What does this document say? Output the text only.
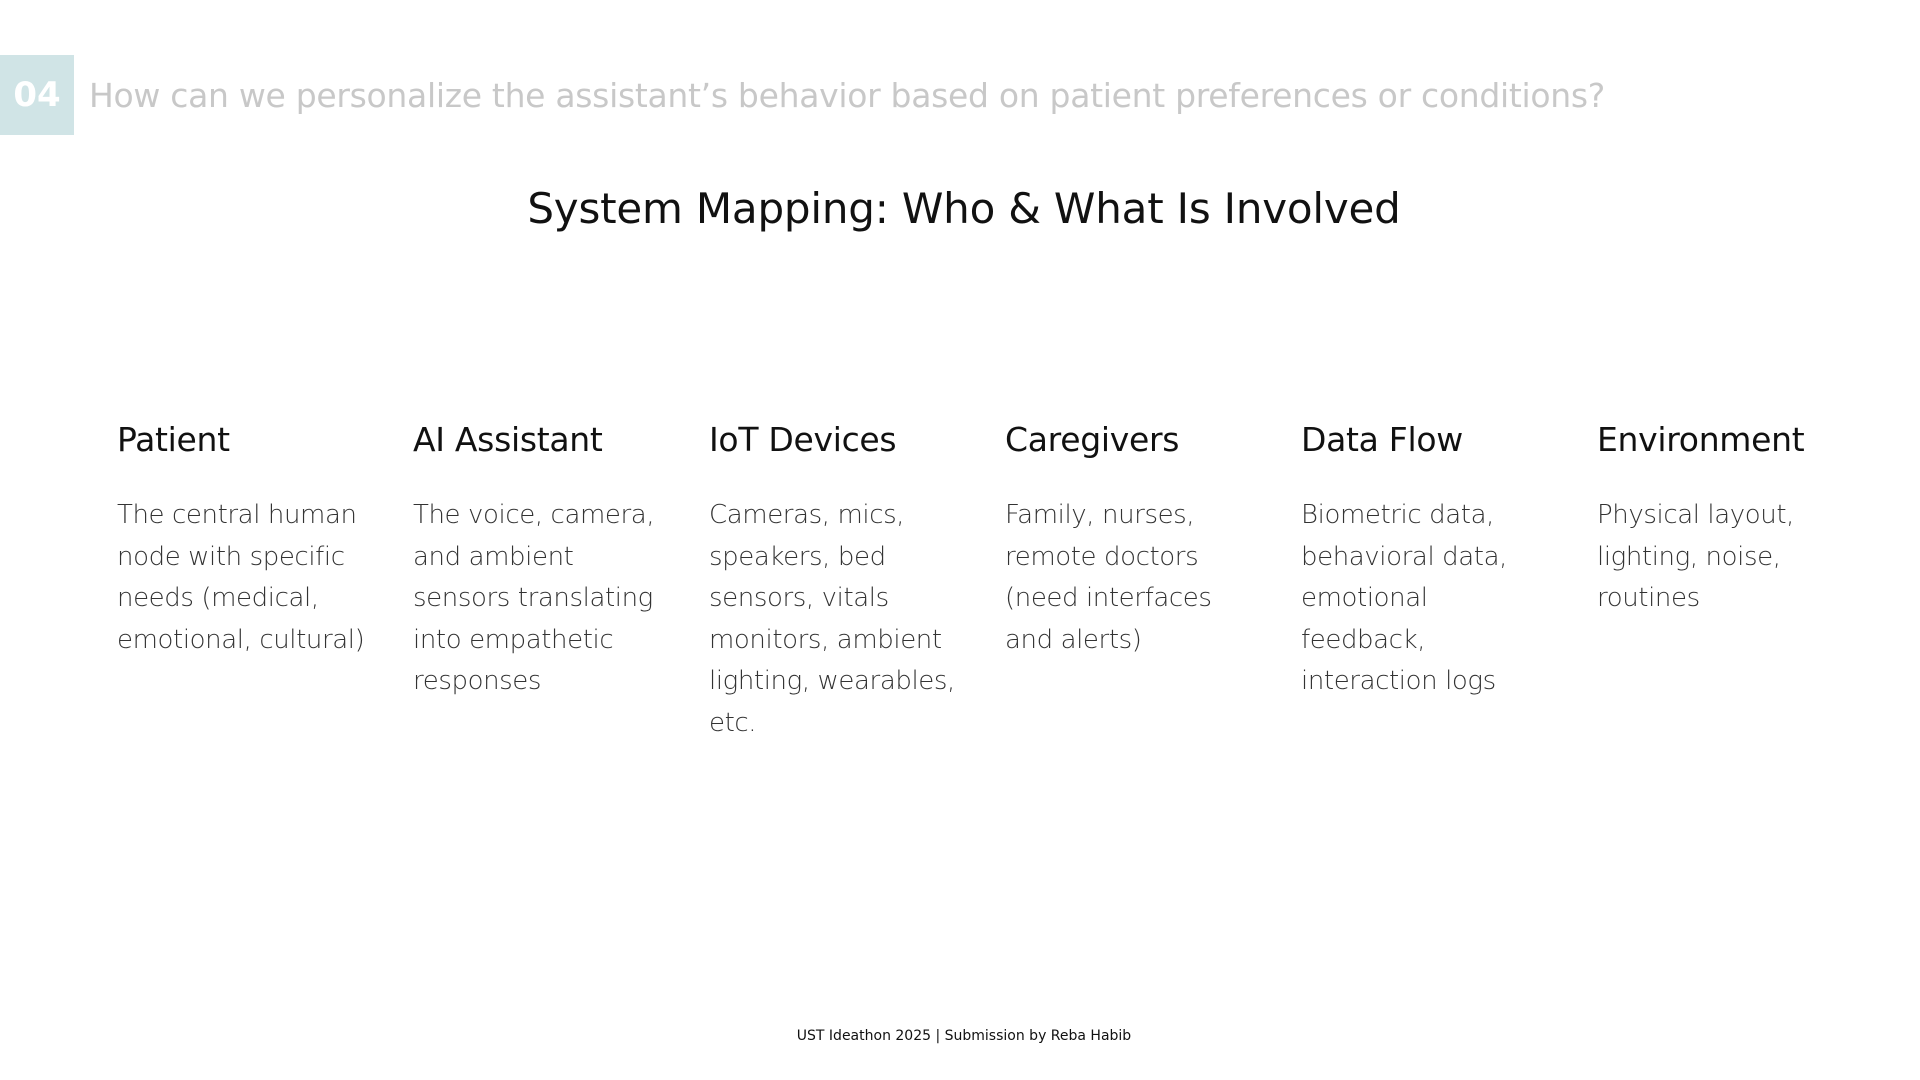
04 How can we personalize the assistant’s behavior based on patient preferences or conditions?
System Mapping: Who & What Is Involved
Patient
The central human node with specific needs (medical, emotional, cultural)
AI Assistant
The voice, camera, and ambient sensors translating into empathetic responses
IoT Devices
Cameras, mics, speakers, bed sensors, vitals monitors, ambient lighting, wearables, etc.
Caregivers
Family, nurses, remote doctors (need interfaces and alerts)
Data Flow
Biometric data, behavioral data, emotional feedback, interaction logs
Environment
Physical layout, lighting, noise, routines
UST Ideathon 2025 | Submission by Reba Habib
